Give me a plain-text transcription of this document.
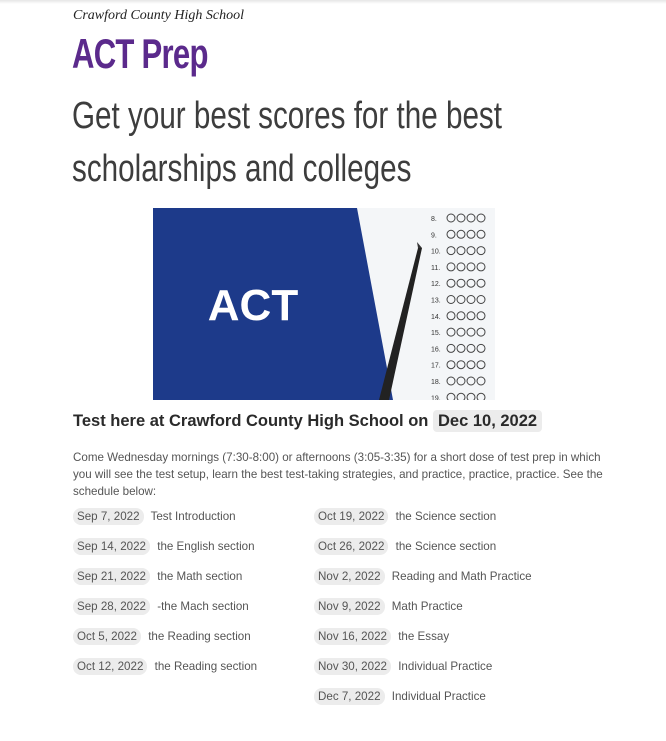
Crawford County High School
ACT Prep
Get your best scores for the best
scholarships and colleges
ACT
8.
9.
10.
11.
12.
13.
14.
15.
16.
17.
18.
19.
Test here at Crawford County High School on Dec 10, 2022
Come Wednesday mornings (7:30-8:00) or afternoons (3:05-3:35) for a short dose of test prep in which you will see the test setup, learn the best test-taking strategies, and practice, practice, practice. See the schedule below:
Sep 7, 2022 Test Introduction
Sep 14, 2022 the English section
Sep 21, 2022 the Math section
Sep 28, 2022 -the Mach section
Oct 5, 2022 the Reading section
Oct 12, 2022 the Reading section
Oct 19, 2022 the Science section
Oct 26, 2022 the Science section
Nov 2, 2022 Reading and Math Practice
Nov 9, 2022 Math Practice
Nov 16, 2022 the Essay
Nov 30, 2022 Individual Practice
Dec 7, 2022 Individual Practice
